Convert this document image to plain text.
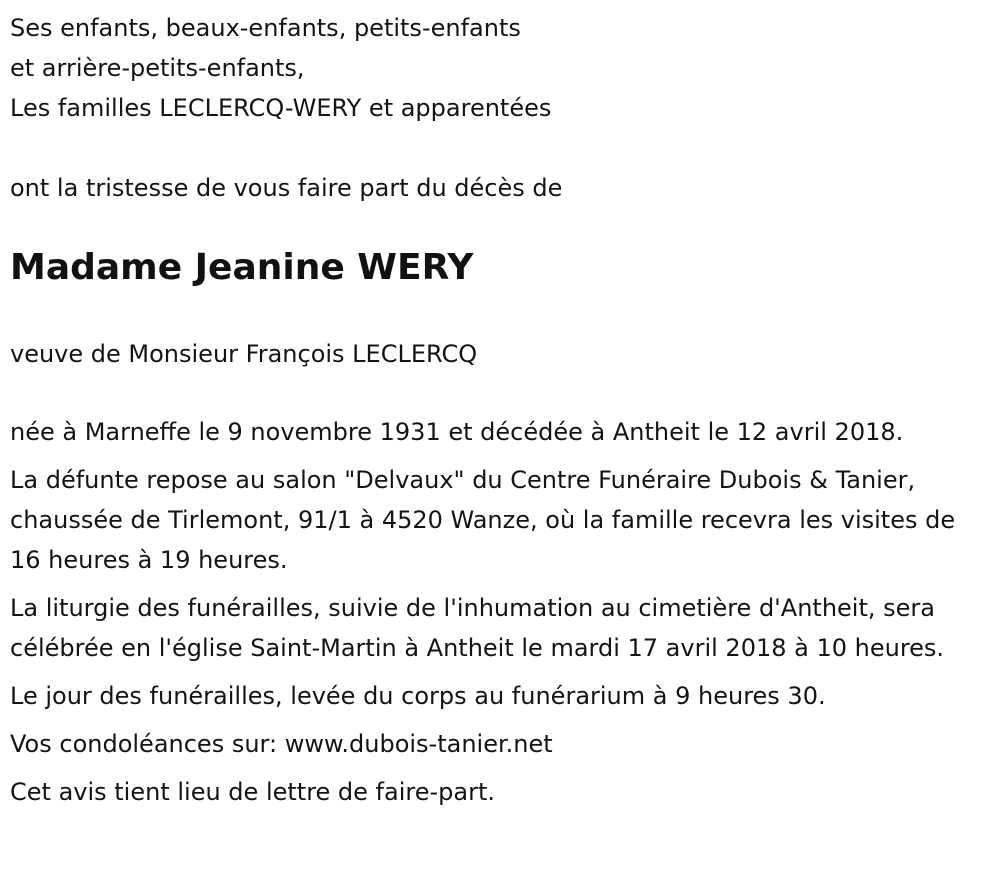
Ses enfants, beaux-enfants, petits-enfants
et arrière-petits-enfants,
Les familles LECLERCQ-WERY et apparentées
ont la tristesse de vous faire part du décès de
Madame Jeanine WERY
veuve de Monsieur François LECLERCQ

née à Marneffe le 9 novembre 1931 et décédée à Antheit le 12 avril 2018.

La défunte repose au salon "Delvaux" du Centre Funéraire Dubois & Tanier, chaussée de Tirlemont, 91/1 à 4520 Wanze, où la famille recevra les visites de 16 heures à 19 heures.

La liturgie des funérailles, suivie de l'inhumation au cimetière d'Antheit, sera célébrée en l'église Saint-Martin à Antheit le mardi 17 avril 2018 à 10 heures.

Le jour des funérailles, levée du corps au funérarium à 9 heures 30.

Vos condoléances sur: www.dubois-tanier.net

Cet avis tient lieu de lettre de faire-part.
